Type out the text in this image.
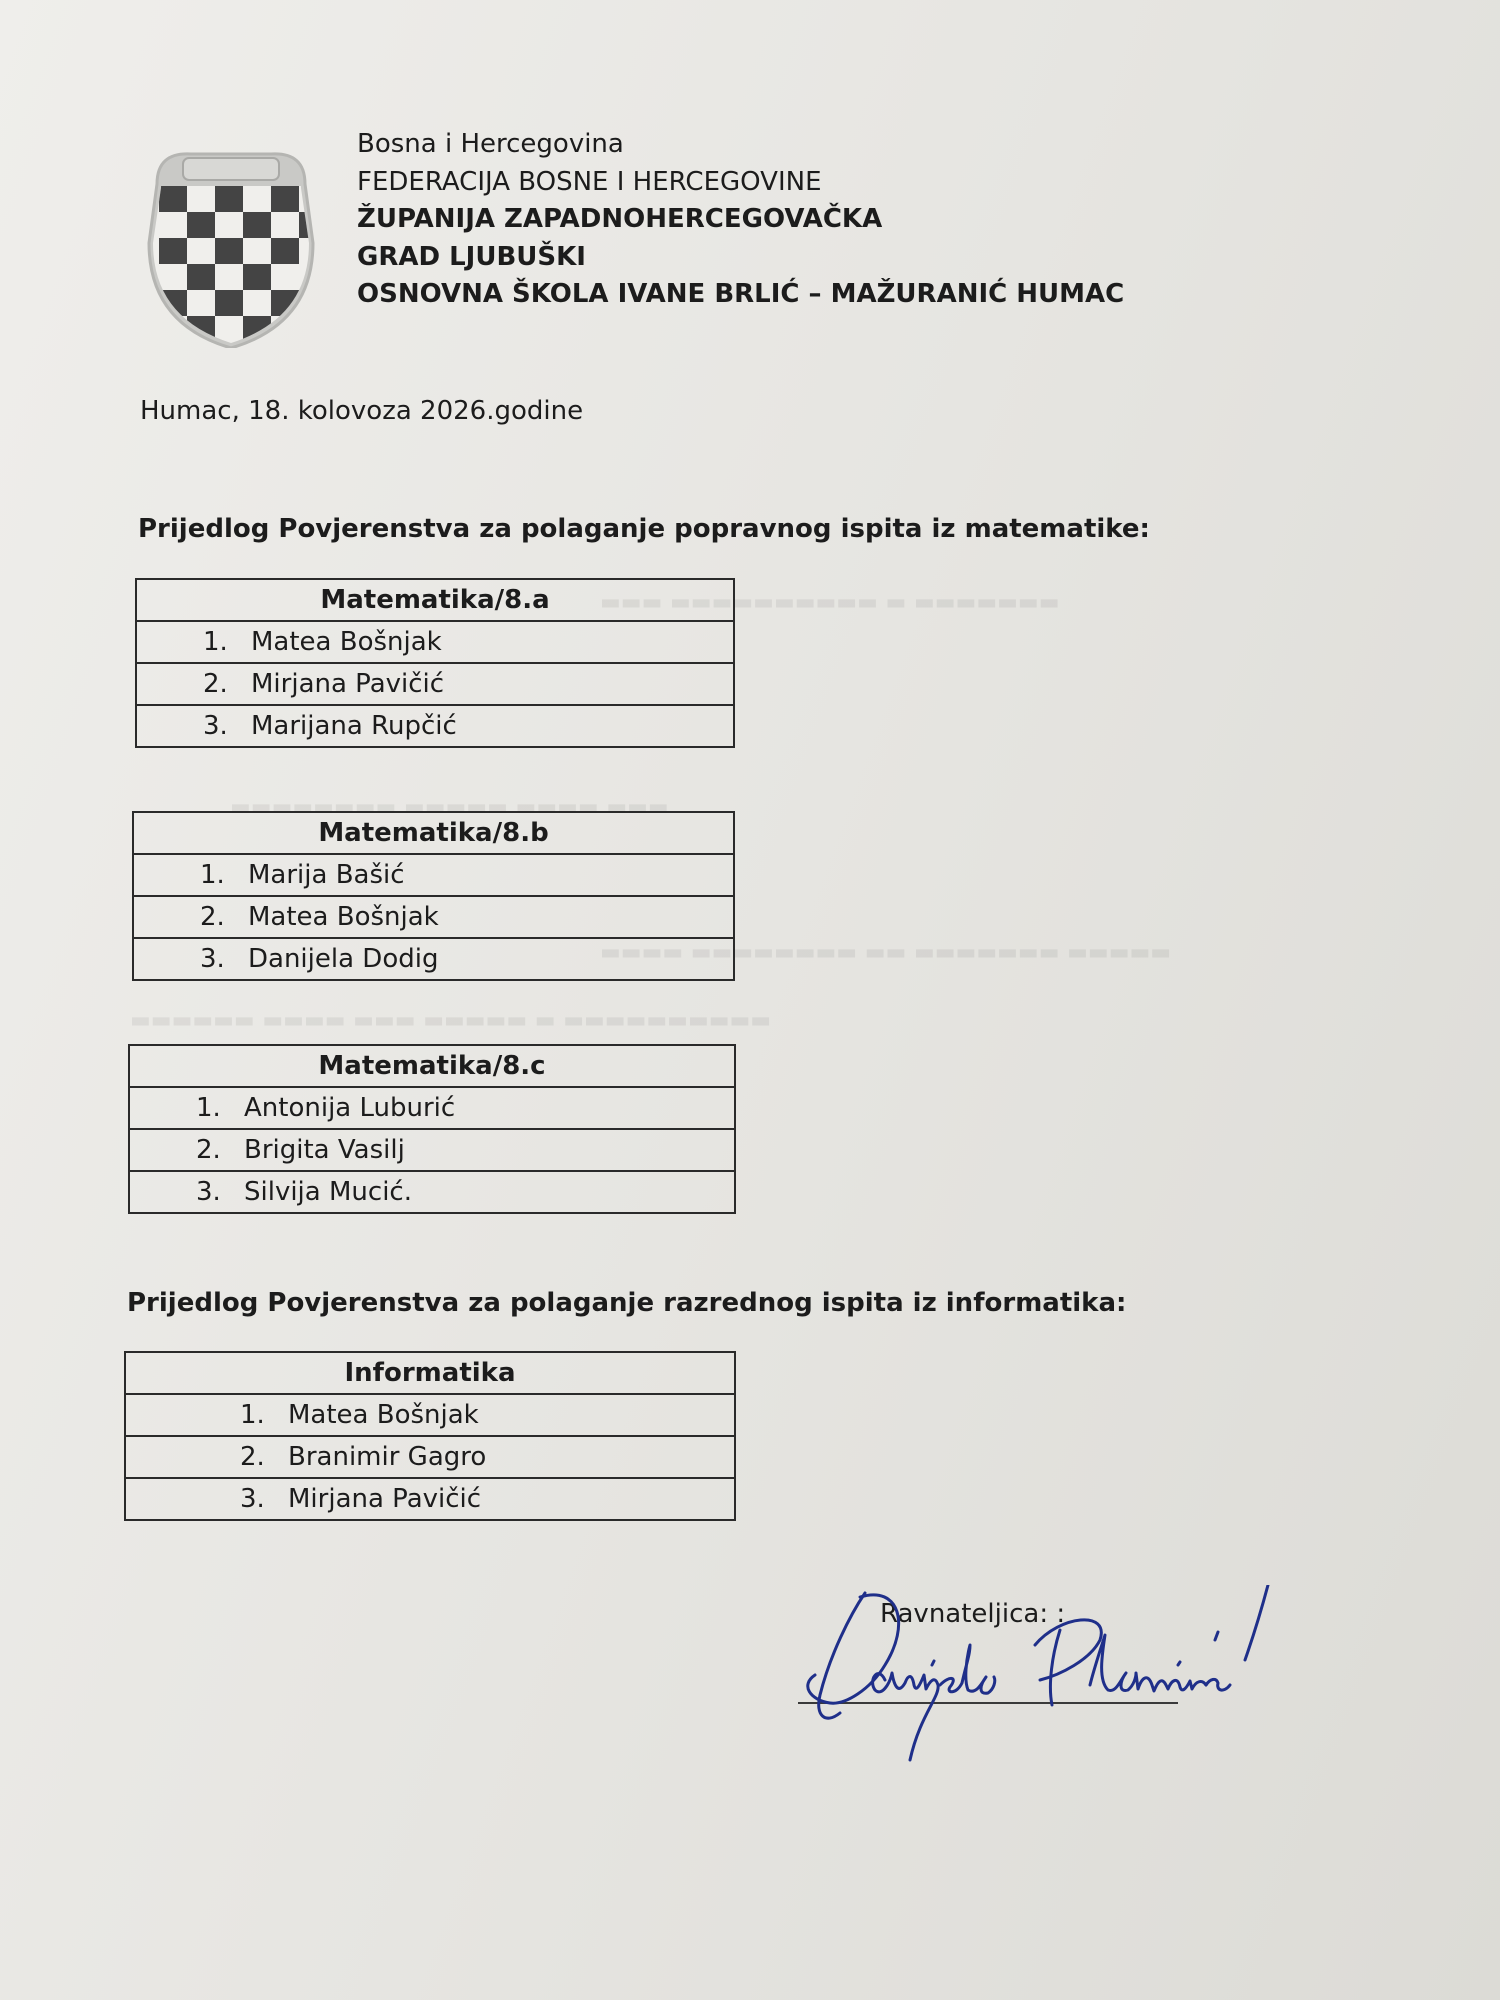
Bosna i Hercegovina
FEDERACIJA BOSNE I HERCEGOVINE
ŽUPANIJA ZAPADNOHERCEGOVAČKA
GRAD LJUBUŠKI
OSNOVNA ŠKOLA IVANE BRLIĆ – MAŽURANIĆ HUMAC
Humac, 18. kolovoza 2026.godine
Prijedlog Povjerenstva za polaganje popravnog ispita iz matematike:
▬▬▬ ▬▬▬▬▬▬▬▬▬▬ ▬ ▬▬▬▬▬▬▬
▬▬▬▬▬▬▬▬ ▬▬▬▬▬ ▬▬▬▬ ▬▬▬
▬▬▬▬ ▬▬▬▬▬▬▬▬ ▬▬ ▬▬▬▬▬▬▬ ▬▬▬▬▬
▬▬▬▬▬▬ ▬▬▬▬ ▬▬▬ ▬▬▬▬▬ ▬ ▬▬▬▬▬▬▬▬▬▬
Matematika/8.a
1. Matea Bošnjak
2. Mirjana Pavičić
3. Marijana Rupčić
Matematika/8.b
1. Marija Bašić
2. Matea Bošnjak
3. Danijela Dodig
Matematika/8.c
1. Antonija Luburić
2. Brigita Vasilj
3. Silvija Mucić.
Prijedlog Povjerenstva za polaganje razrednog ispita iz informatika:
Informatika
1. Matea Bošnjak
2. Branimir Gagro
3. Mirjana Pavičić
Ravnateljica: :
